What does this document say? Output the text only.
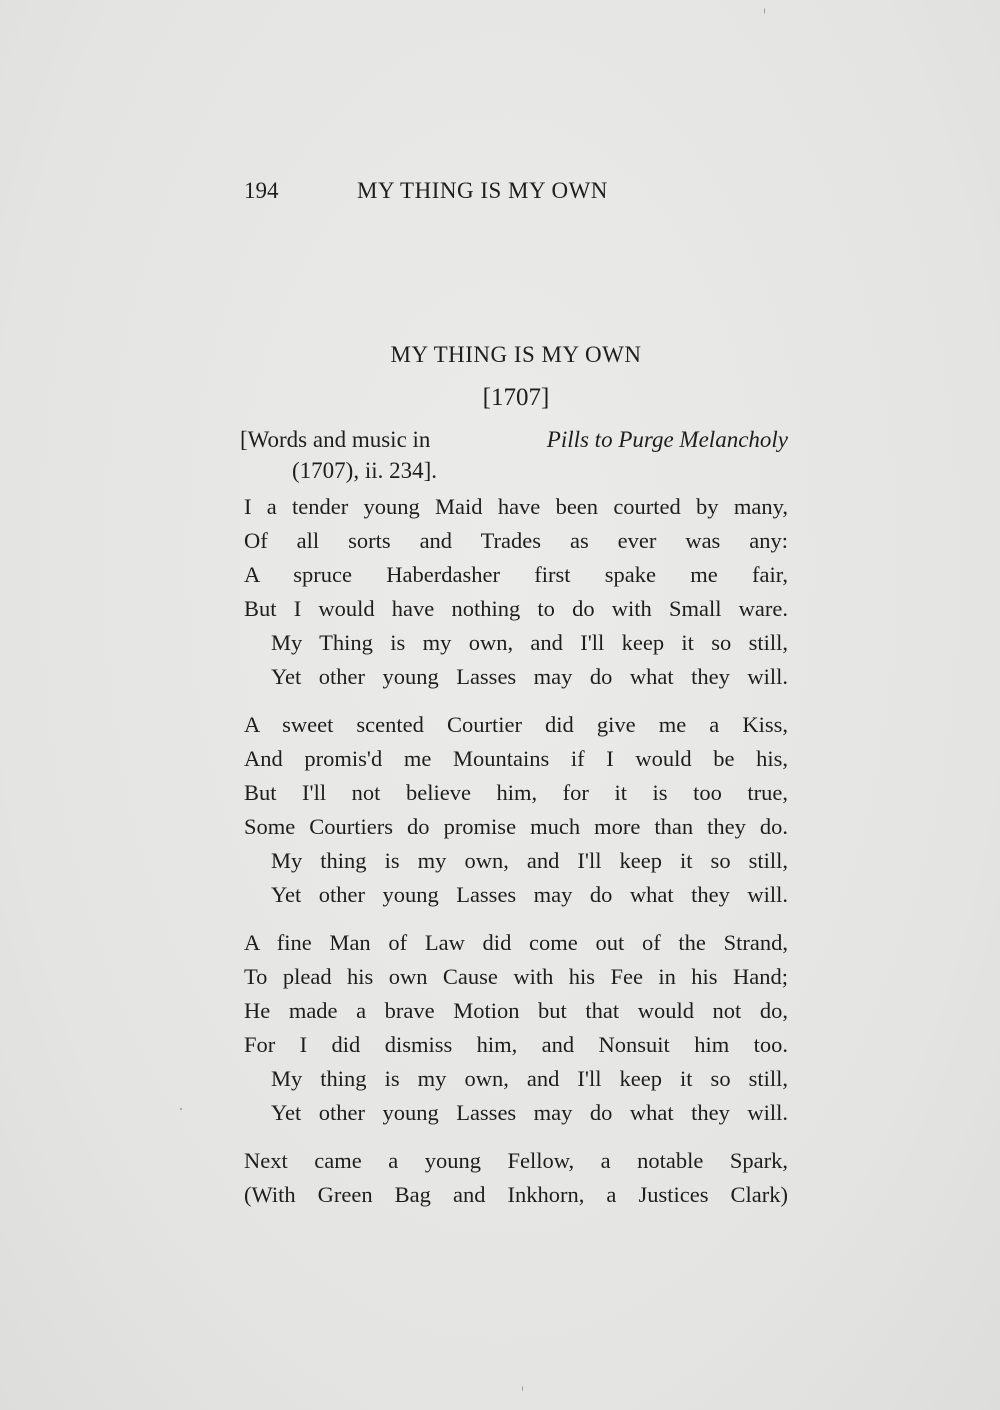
194	MY THING IS MY OWN
MY THING IS MY OWN
[1707]
[Words and music in	Pills to Purge Melancholy
(1707), ii. 234].
I a tender young Maid have been courted by many,
Of all sorts and Trades as ever was any:
A spruce Haberdasher first spake me fair,
But I would have nothing to do with Small ware.
My Thing is my own, and I'll keep it so still,
Yet other young Lasses may do what they will.
A sweet scented Courtier did give me a Kiss,
And promis'd me Mountains if I would be his,
But I'll not believe him, for it is too true,
Some Courtiers do promise much more than they do.
My thing is my own, and I'll keep it so still,
Yet other young Lasses may do what they will.
A fine Man of Law did come out of the Strand,
To plead his own Cause with his Fee in his Hand;
He made a brave Motion but that would not do,
For I did dismiss him, and Nonsuit him too.
My thing is my own, and I'll keep it so still,
Yet other young Lasses may do what they will.
Next came a young Fellow, a notable Spark,
(With Green Bag and Inkhorn, a Justices Clark)
